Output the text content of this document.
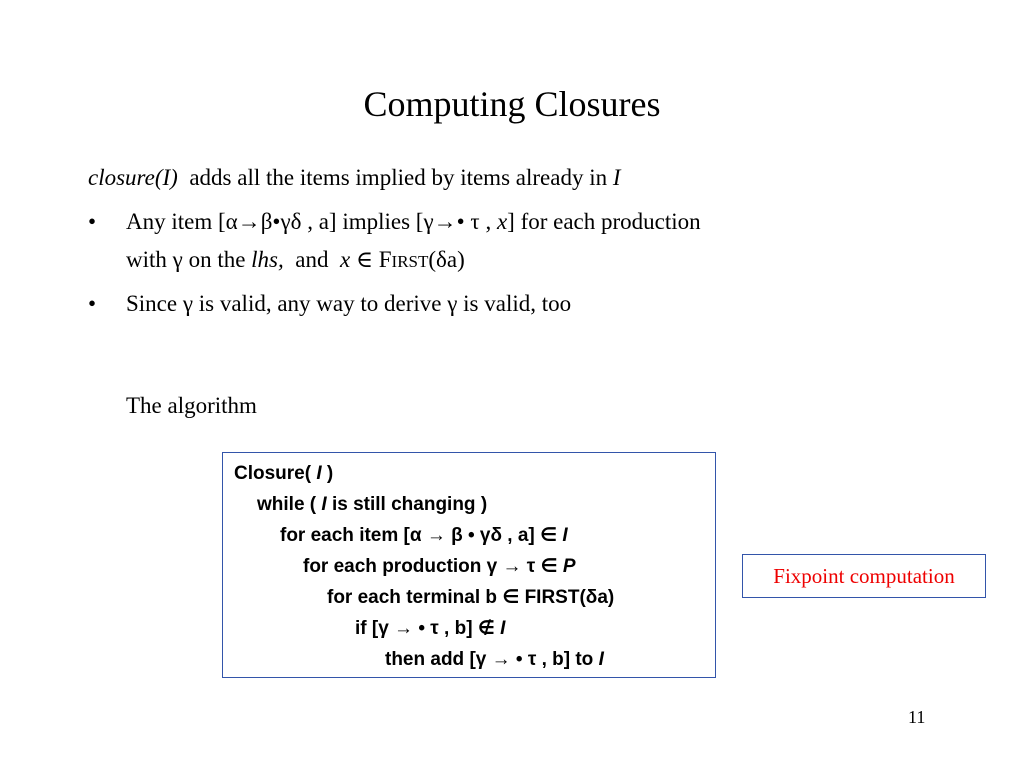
Computing Closures
closure(I) adds all the items implied by items already in I
• Any item [α→β•γδ , a] implies [γ→• τ , x] for each production
with γ on the lhs,  and  x ∈ FIRST(δa)
• Since γ is valid, any way to derive γ is valid, too
The algorithm
Closure( I )
while ( I is still changing )
for each item [α → β • γδ , a] ∈ I
for each production γ → τ ∈ P
for each terminal b ∈ FIRST(δa)
if [γ → • τ , b] ∉ I
then add [γ → • τ , b] to I
Fixpoint computation
11
